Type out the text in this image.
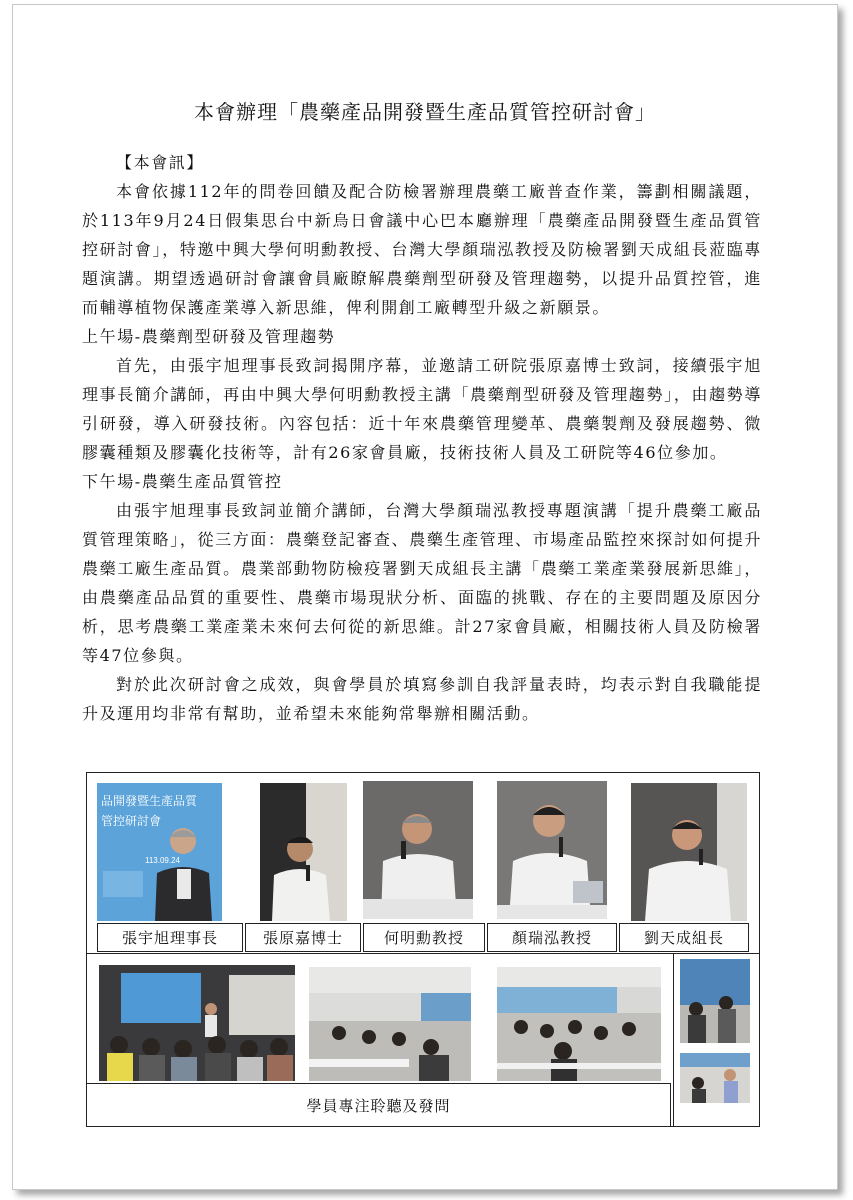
本會辦理「農藥產品開發暨生產品質管控研討會」

【本會訊】

本會依據112年的問卷回饋及配合防檢署辦理農藥工廠普查作業，籌劃相關議題，於113年9月24日假集思台中新烏日會議中心巴本廳辦理「農藥產品開發暨生產品質管控研討會」，特邀中興大學何明勳教授、台灣大學顏瑞泓教授及防檢署劉天成組長蒞臨專題演講。期望透過研討會讓會員廠瞭解農藥劑型研發及管理趨勢，以提升品質控管，進而輔導植物保護產業導入新思維，俾利開創工廠轉型升級之新願景。

上午場-農藥劑型研發及管理趨勢

首先，由張宇旭理事長致詞揭開序幕，並邀請工研院張原嘉博士致詞，接續張宇旭理事長簡介講師，再由中興大學何明勳教授主講「農藥劑型研發及管理趨勢」，由趨勢導引研發，導入研發技術。內容包括：近十年來農藥管理變革、農藥製劑及發展趨勢、微膠囊種類及膠囊化技術等，計有26家會員廠，技術技術人員及工研院等46位參加。

下午場-農藥生產品質管控

由張宇旭理事長致詞並簡介講師，台灣大學顏瑞泓教授專題演講「提升農藥工廠品質管理策略」，從三方面：農藥登記審查、農藥生產管理、市場產品監控來探討如何提升農藥工廠生產品質。農業部動物防檢疫署劉天成組長主講「農藥工業產業發展新思維」，由農藥產品品質的重要性、農藥市場現狀分析、面臨的挑戰、存在的主要問題及原因分析，思考農藥工業產業未來何去何從的新思維。計27家會員廠，相關技術人員及防檢署等47位參與。

對於此次研討會之成效，與會學員於填寫參訓自我評量表時，均表示對自我職能提升及運用均非常有幫助，並希望未來能夠常舉辦相關活動。

品開發暨生產品質
管控研討會
113.09.24
張宇旭理事長	張原嘉博士	何明勳教授	顏瑞泓教授	劉天成組長
學員專注聆聽及發問
